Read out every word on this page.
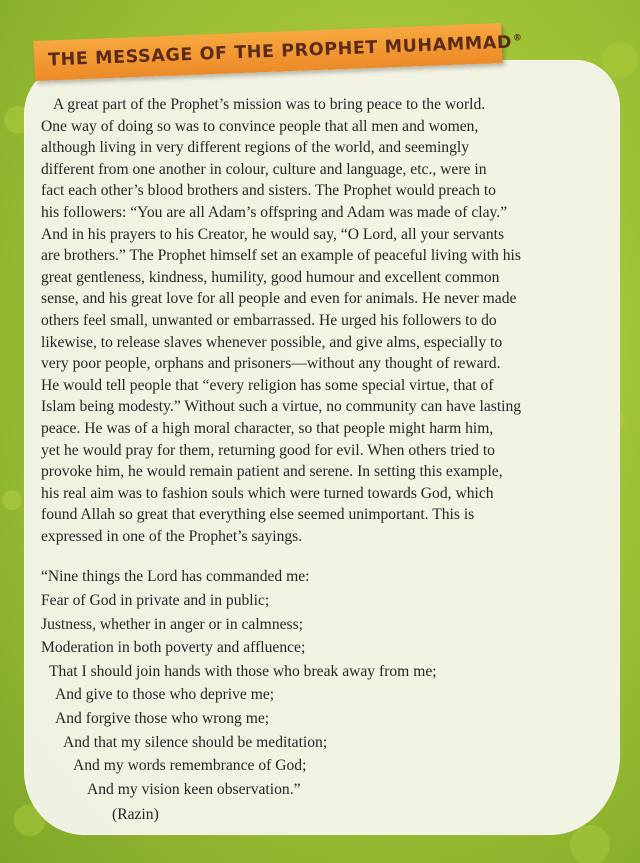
THE MESSAGE OF THE PROPHET MUHAMMAD®

A great part of the Prophet’s mission was to bring peace to the world.
One way of doing so was to convince people that all men and women,
although living in very different regions of the world, and seemingly
different from one another in colour, culture and language, etc., were in
fact each other’s blood brothers and sisters. The Prophet would preach to
his followers: “You are all Adam’s offspring and Adam was made of clay.”
And in his prayers to his Creator, he would say, “O Lord, all your servants
are brothers.” The Prophet himself set an example of peaceful living with his
great gentleness, kindness, humility, good humour and excellent common
sense, and his great love for all people and even for animals. He never made
others feel small, unwanted or embarrassed. He urged his followers to do
likewise, to release slaves whenever possible, and give alms, especially to
very poor people, orphans and prisoners—without any thought of reward.
He would tell people that “every religion has some special virtue, that of
Islam being modesty.” Without such a virtue, no community can have lasting
peace. He was of a high moral character, so that people might harm him,
yet he would pray for them, returning good for evil. When others tried to
provoke him, he would remain patient and serene. In setting this example,
his real aim was to fashion souls which were turned towards God, which
found Allah so great that everything else seemed unimportant. This is
expressed in one of the Prophet’s sayings.

“Nine things the Lord has commanded me:
Fear of God in private and in public;
Justness, whether in anger or in calmness;
Moderation in both poverty and affluence;
That I should join hands with those who break away from me;
And give to those who deprive me;
And forgive those who wrong me;
And that my silence should be meditation;
And my words remembrance of God;
And my vision keen observation.”
(Razin)
